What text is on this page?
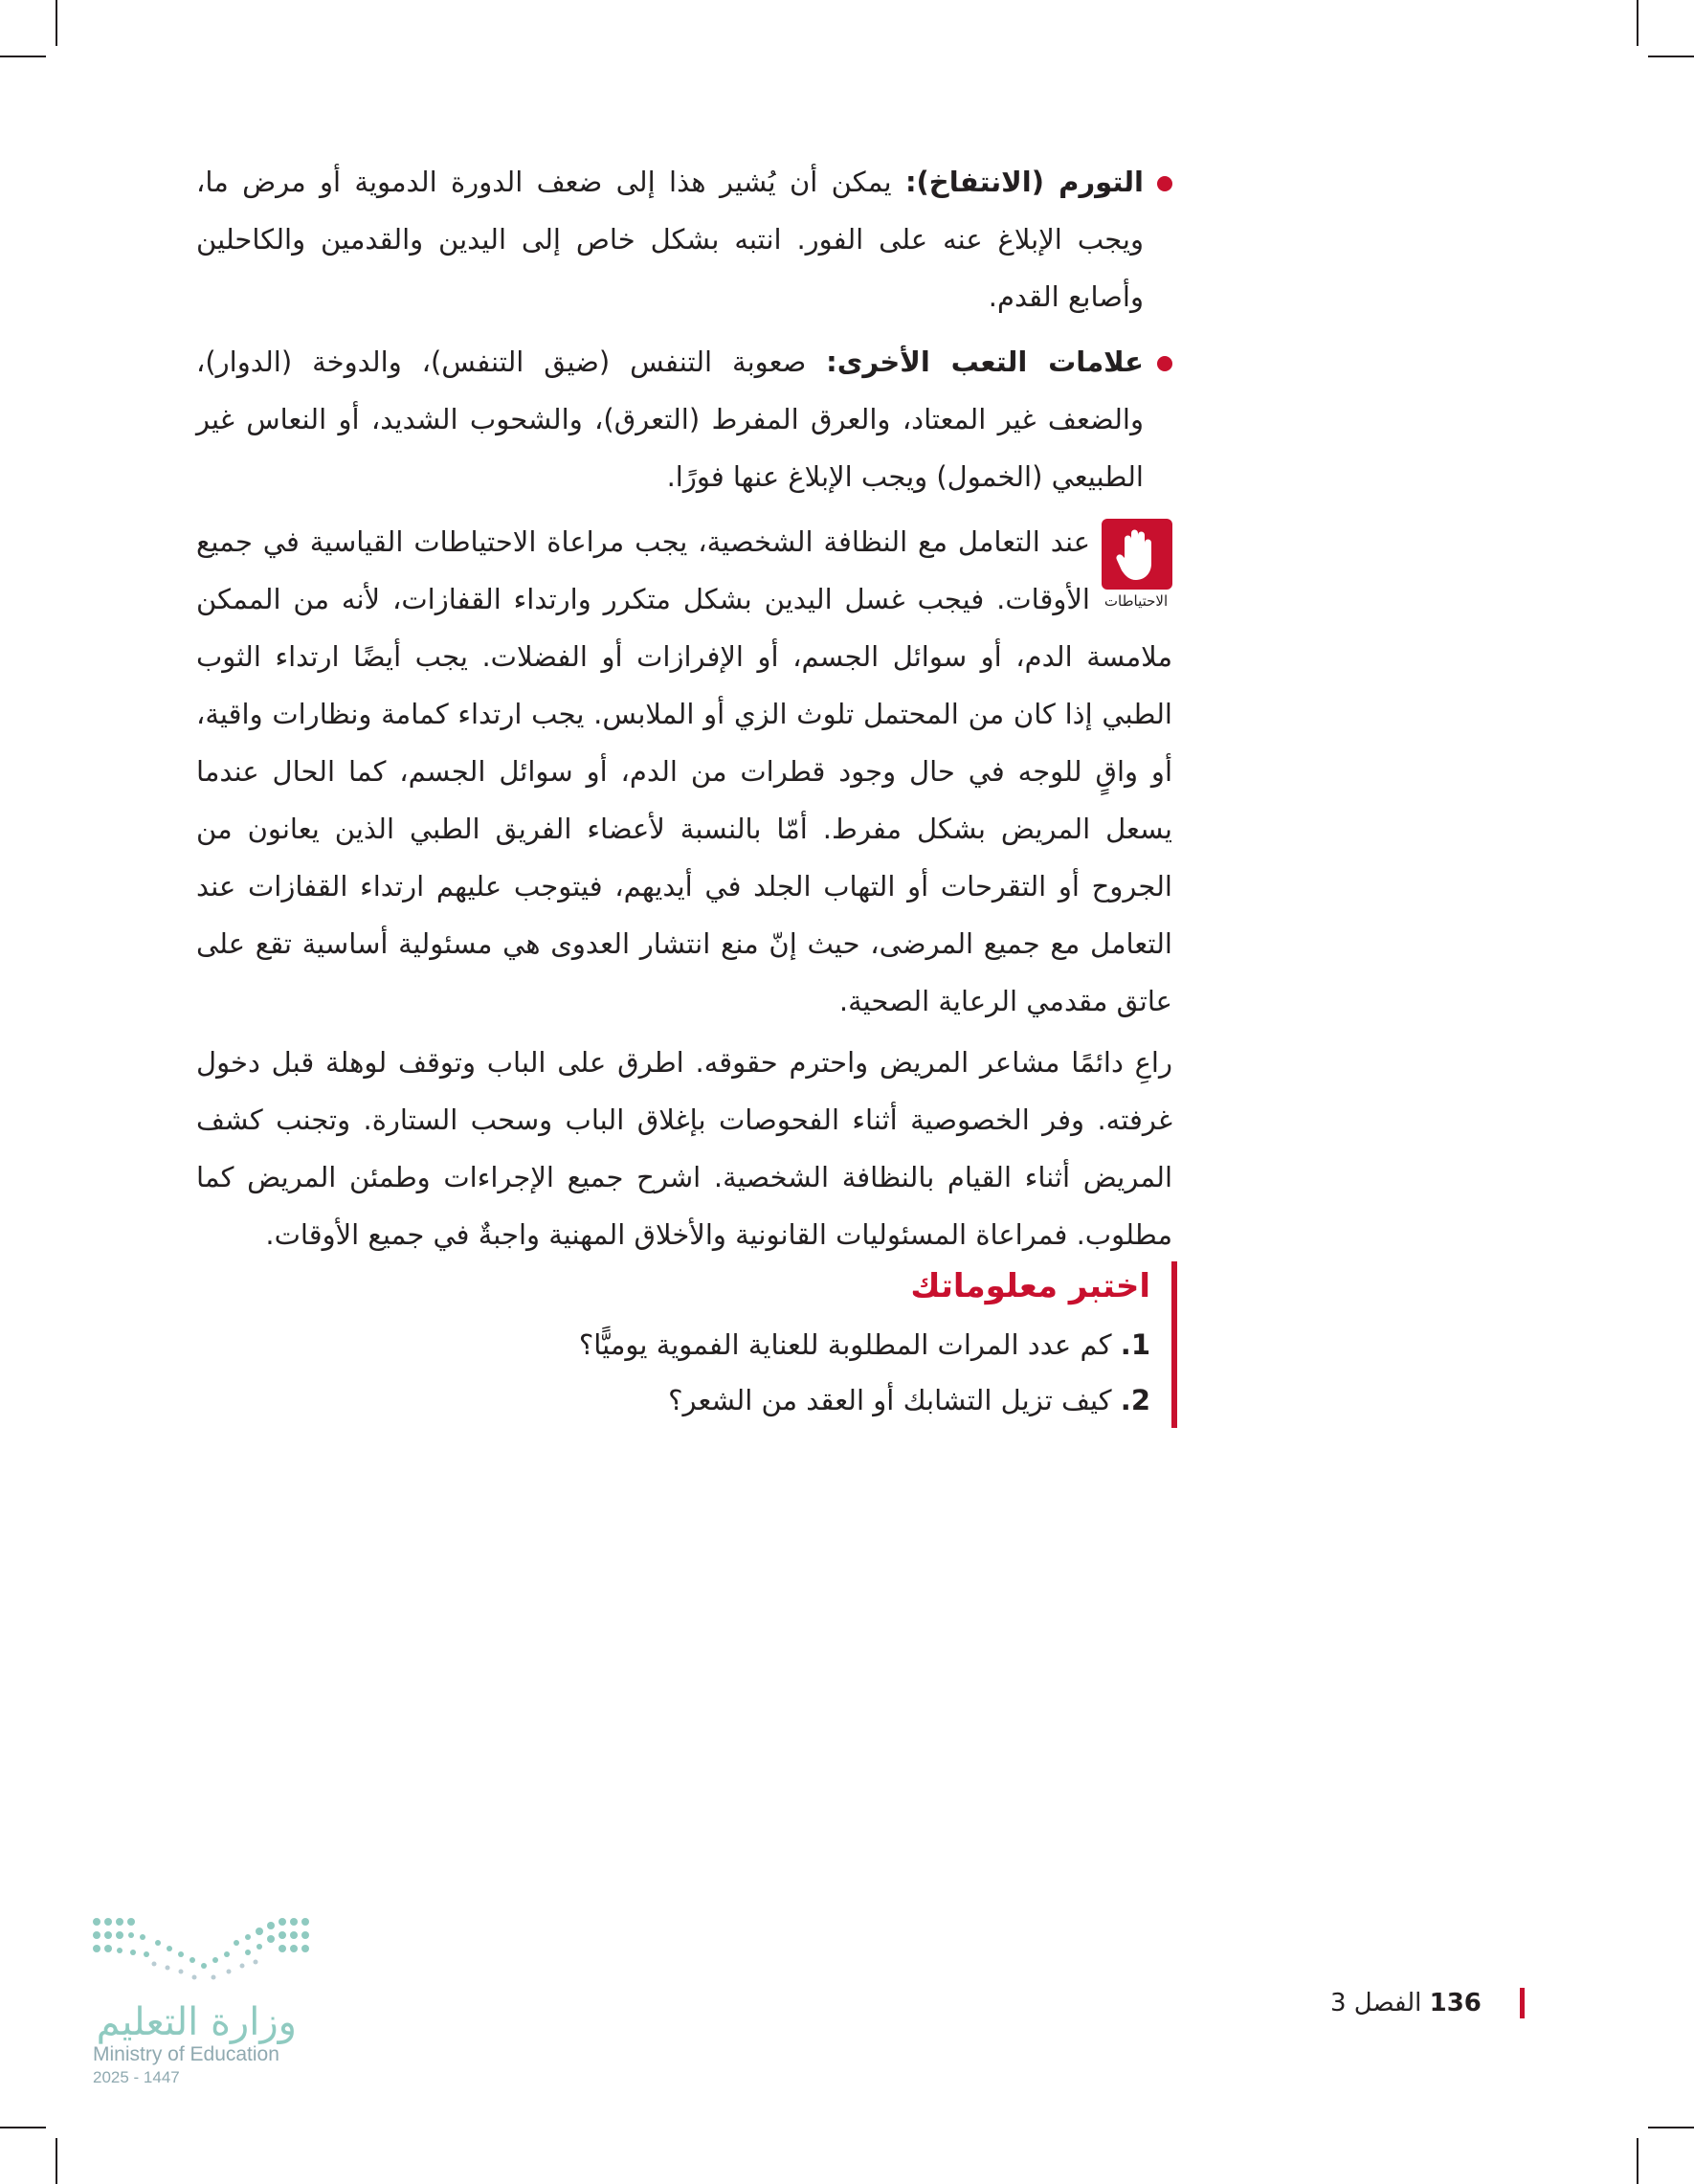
التورم (الانتفاخ): يمكن أن يُشير هذا إلى ضعف الدورة الدموية أو مرض ما، ويجب الإبلاغ عنه على الفور. انتبه بشكل خاص إلى اليدين والقدمين والكاحلين وأصابع القدم.
علامات التعب الأخرى: صعوبة التنفس (ضيق التنفس)، والدوخة (الدوار)، والضعف غير المعتاد، والعرق المفرط (التعرق)، والشحوب الشديد، أو النعاس غير الطبيعي (الخمول) ويجب الإبلاغ عنها فورًا.

الاحتياطات
عند التعامل مع النظافة الشخصية، يجب مراعاة الاحتياطات القياسية في جميع الأوقات. فيجب غسل اليدين بشكل متكرر وارتداء القفازات، لأنه من الممكن ملامسة الدم، أو سوائل الجسم، أو الإفرازات أو الفضلات. يجب أيضًا ارتداء الثوب الطبي إذا كان من المحتمل تلوث الزي أو الملابس. يجب ارتداء كمامة ونظارات واقية، أو واقٍ للوجه في حال وجود قطرات من الدم، أو سوائل الجسم، كما الحال عندما يسعل المريض بشكل مفرط. أمّا بالنسبة لأعضاء الفريق الطبي الذين يعانون من الجروح أو التقرحات أو التهاب الجلد في أيديهم، فيتوجب عليهم ارتداء القفازات عند التعامل مع جميع المرضى، حيث إنّ منع انتشار العدوى هي مسئولية أساسية تقع على عاتق مقدمي الرعاية الصحية.

راعِ دائمًا مشاعر المريض واحترم حقوقه. اطرق على الباب وتوقف لوهلة قبل دخول غرفته. وفر الخصوصية أثناء الفحوصات بإغلاق الباب وسحب الستارة. وتجنب كشف المريض أثناء القيام بالنظافة الشخصية. اشرح جميع الإجراءات وطمئن المريض كما مطلوب. فمراعاة المسئوليات القانونية والأخلاق المهنية واجبةٌ في جميع الأوقات.

اختبر معلوماتك
1. كم عدد المرات المطلوبة للعناية الفموية يوميًّا؟
2. كيف تزيل التشابك أو العقد من الشعر؟
وزارة التعليم
Ministry of Education
2025 - 1447
136 الفصل 3
